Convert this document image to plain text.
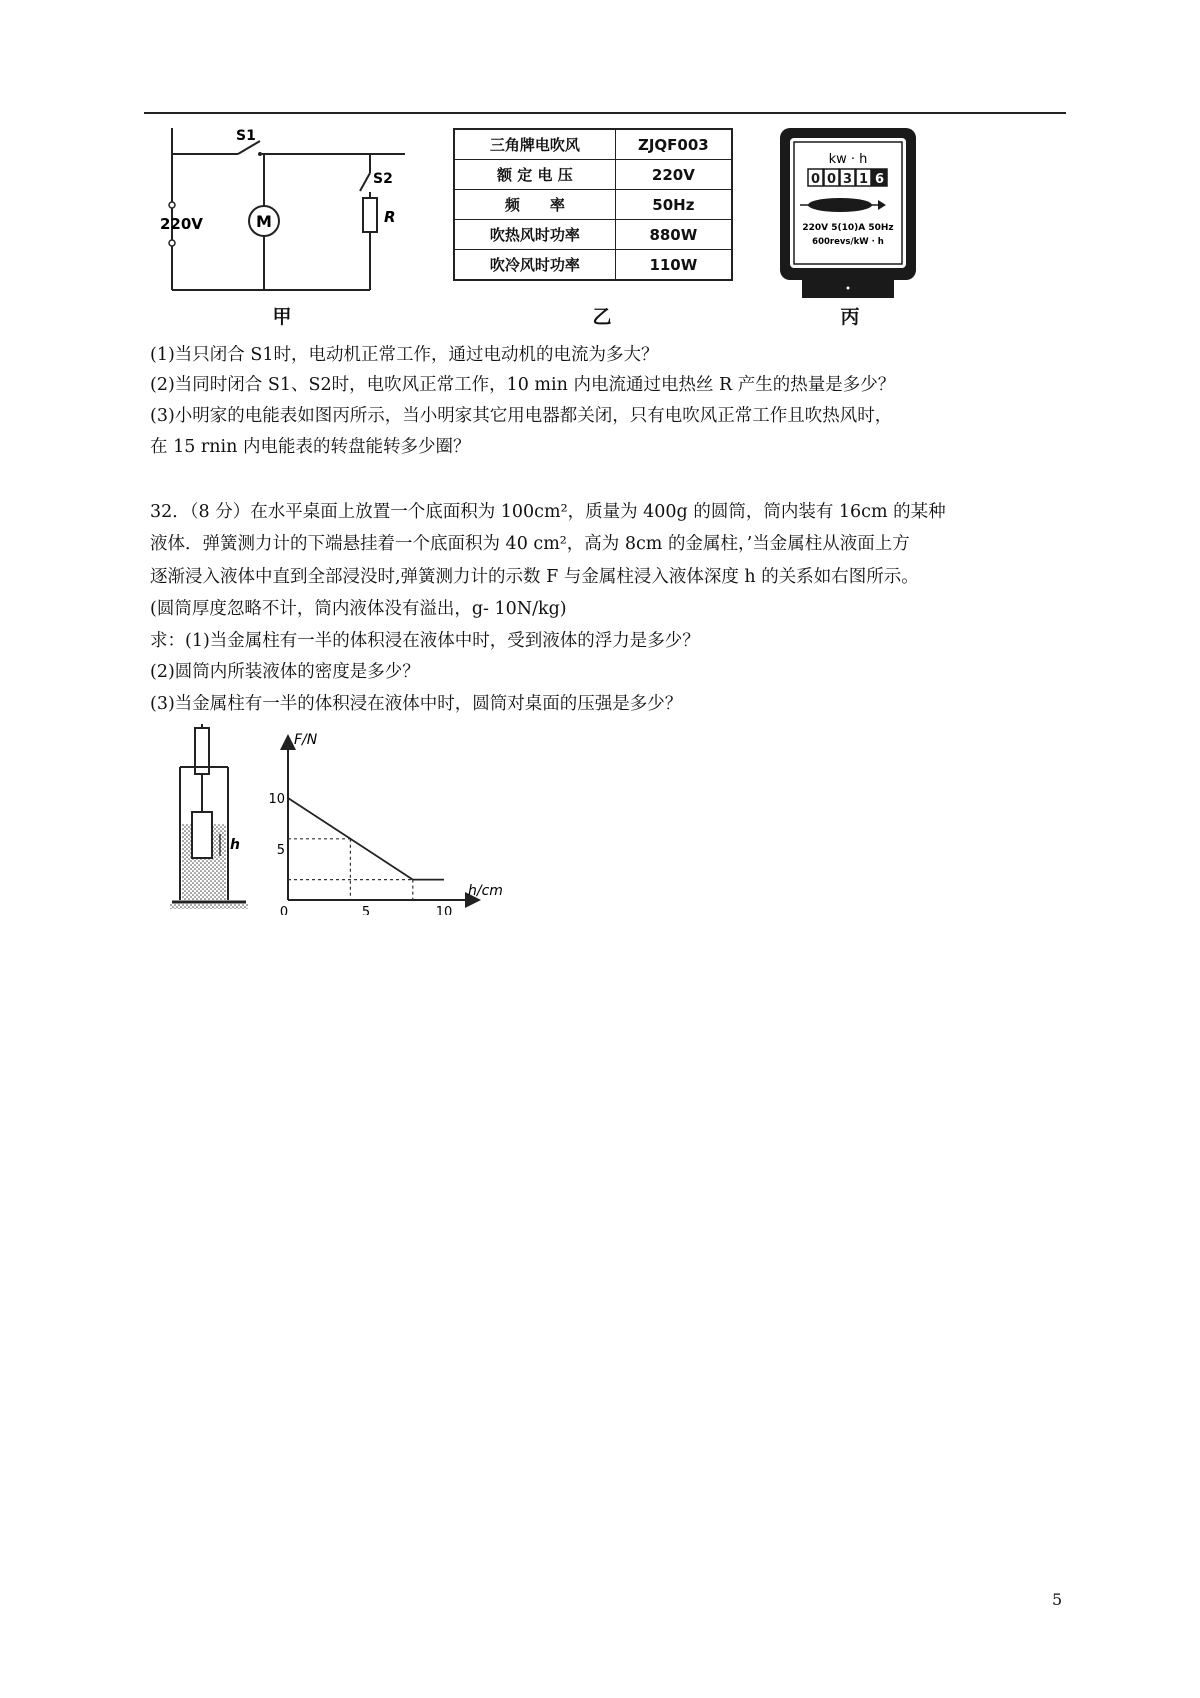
S1
S2
220V	M	R
甲
三角牌电吹风	ZJQF003
额 定 电 压	220V
频　　率	50Hz
吹热风时功率	880W
吹冷风时功率	110W
乙
kw · h
0 0 3 1 6
220V 5(10)A 50Hz
600revs/kW · h
丙
(1)当只闭合 S1时，电动机正常工作，通过电动机的电流为多大？
(2)当同时闭合 S1、S2时，电吹风正常工作，10 min 内电流通过电热丝 R 产生的热量是多少？
(3)小明家的电能表如图丙所示，当小明家其它用电器都关闭，只有电吹风正常工作且吹热风时，
在 15 rnin 内电能表的转盘能转多少圈？
32．（8 分）在水平桌面上放置一个底面积为 100cm²，质量为 400g 的圆筒，筒内装有 16cm 的某种
液体．弹簧测力计的下端悬挂着一个底面积为 40 cm²，高为 8cm 的金属柱，’当金属柱从液面上方
逐渐浸入液体中直到全部浸没时,弹簧测力计的示数 F 与金属柱浸入液体深度 h 的关系如右图所示。
(圆筒厚度忽略不计，筒内液体没有溢出，g- 10N/kg)
求：(1)当金属柱有一半的体积浸在液体中时，受到液体的浮力是多少？
(2)圆筒内所装液体的密度是多少？
(3)当金属柱有一半的体积浸在液体中时，圆筒对桌面的压强是多少？
h
F/N
h/cm
0	5	10
10
5
5
